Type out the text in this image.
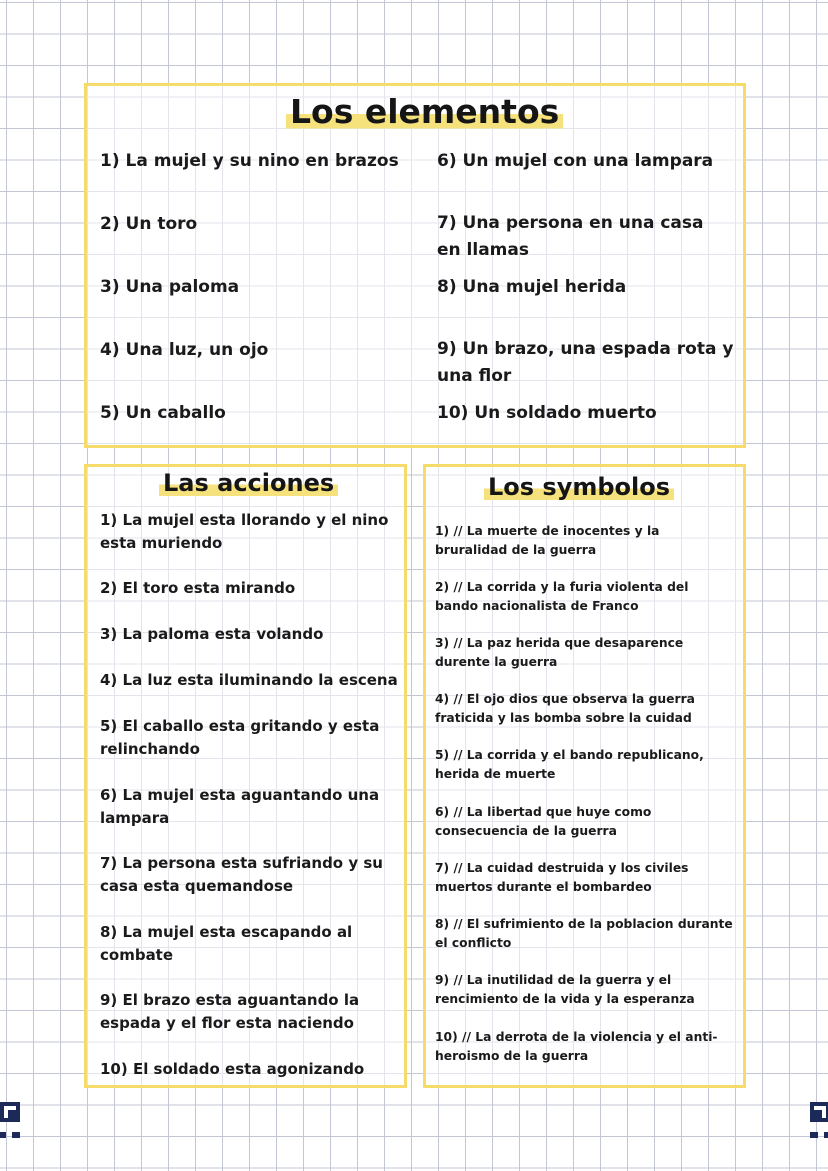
Los elementos

1) La mujel y su nino en brazos

2) Un toro

3) Una paloma

4) Una luz, un ojo

5) Un caballo

6) Un mujel con una lampara

7) Una persona en una casa en llamas

8) Una mujel herida

9) Un brazo, una espada rota y una flor

10) Un soldado muerto

Las acciones

1) La mujel esta llorando y el nino esta muriendo

2) El toro esta mirando

3) La paloma esta volando

4) La luz esta iluminando la escena

5) El caballo esta gritando y esta relinchando

6) La mujel esta aguantando una lampara

7) La persona esta sufriando y su casa esta quemandose

8) La mujel esta escapando al combate

9) El brazo esta aguantando la espada y el flor esta naciendo

10) El soldado esta agonizando

Los symbolos

1) // La muerte de inocentes y la bruralidad de la guerra

2) // La corrida y la furia violenta del bando nacionalista de Franco

3) // La paz herida que desaparence durente la guerra

4) // El ojo dios que observa la guerra fraticida y las bomba sobre la cuidad

5) // La corrida y el bando republicano, herida de muerte

6) // La libertad que huye como consecuencia de la guerra

7) // La cuidad destruida y los civiles muertos durante el bombardeo

8) // El sufrimiento de la poblacion durante el conflicto

9) // La inutilidad de la guerra y el rencimiento de la vida y la esperanza

10) // La derrota de la violencia y el anti-heroismo de la guerra
